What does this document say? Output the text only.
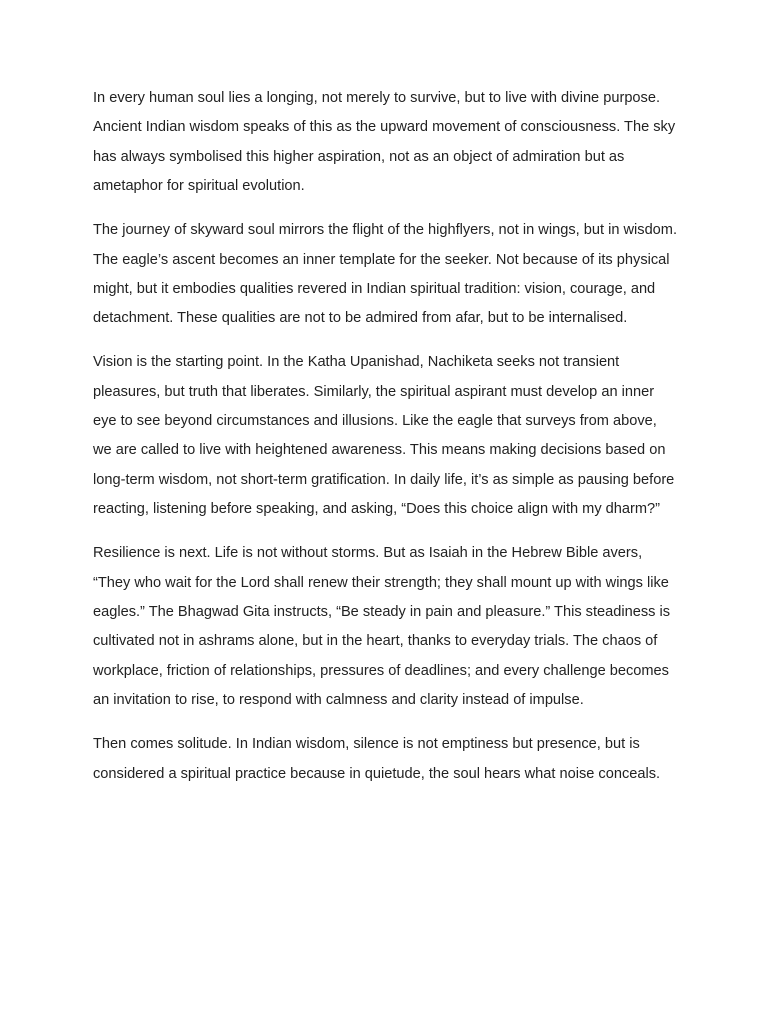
In every human soul lies a longing, not merely to survive, but to live with divine purpose. Ancient Indian wisdom speaks of this as the upward movement of consciousness. The sky has always symbolised this higher aspiration, not as an object of admiration but as ametaphor for spiritual evolution.

The journey of skyward soul mirrors the flight of the highflyers, not in wings, but in wisdom. The eagle’s ascent becomes an inner template for the seeker. Not because of its physical might, but it embodies qualities revered in Indian spiritual tradition: vision, courage, and detachment. These qualities are not to be admired from afar, but to be internalised.

Vision is the starting point. In the Katha Upanishad, Nachiketa seeks not transient pleasures, but truth that liberates. Similarly, the spiritual aspirant must develop an inner eye to see beyond circumstances and illusions. Like the eagle that surveys from above, we are called to live with heightened awareness. This means making decisions based on long-term wisdom, not short-term gratification. In daily life, it’s as simple as pausing before reacting, listening before speaking, and asking, “Does this choice align with my dharm?”

Resilience is next. Life is not without storms. But as Isaiah in the Hebrew Bible avers, “They who wait for the Lord shall renew their strength; they shall mount up with wings like eagles.” The Bhagwad Gita instructs, “Be steady in pain and pleasure.” This steadiness is cultivated not in ashrams alone, but in the heart, thanks to everyday trials. The chaos of workplace, friction of relationships, pressures of deadlines; and every challenge becomes an invitation to rise, to respond with calmness and clarity instead of impulse.

Then comes solitude. In Indian wisdom, silence is not emptiness but presence, but is considered a spiritual practice because in quietude, the soul hears what noise conceals.
